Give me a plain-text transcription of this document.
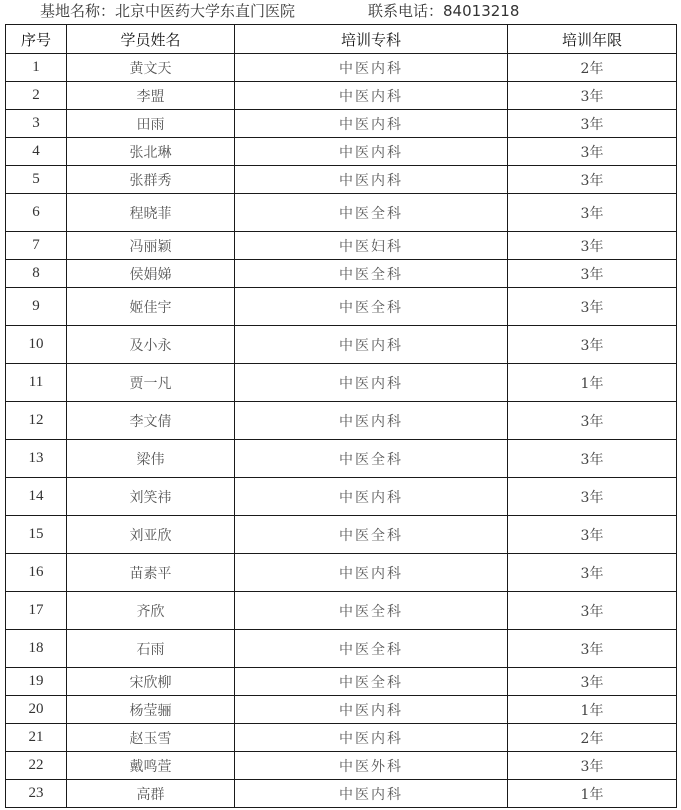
基地名称：北京中医药大学东直门医院	联系电话：84013218
序号	学员姓名	培训专科	培训年限
1	黄文天	中医内科	2年
2	李盟	中医内科	3年
3	田雨	中医内科	3年
4	张北琳	中医内科	3年
5	张群秀	中医内科	3年
6	程晓菲	中医全科	3年
7	冯丽颖	中医妇科	3年
8	侯娟娣	中医全科	3年
9	姬佳宇	中医全科	3年
10	及小永	中医内科	3年
11	贾一凡	中医内科	1年
12	李文倩	中医内科	3年
13	梁伟	中医全科	3年
14	刘笑祎	中医内科	3年
15	刘亚欣	中医全科	3年
16	苗素平	中医内科	3年
17	齐欣	中医全科	3年
18	石雨	中医全科	3年
19	宋欣柳	中医全科	3年
20	杨莹骊	中医内科	1年
21	赵玉雪	中医内科	2年
22	戴鸣萱	中医外科	3年
23	高群	中医内科	1年
